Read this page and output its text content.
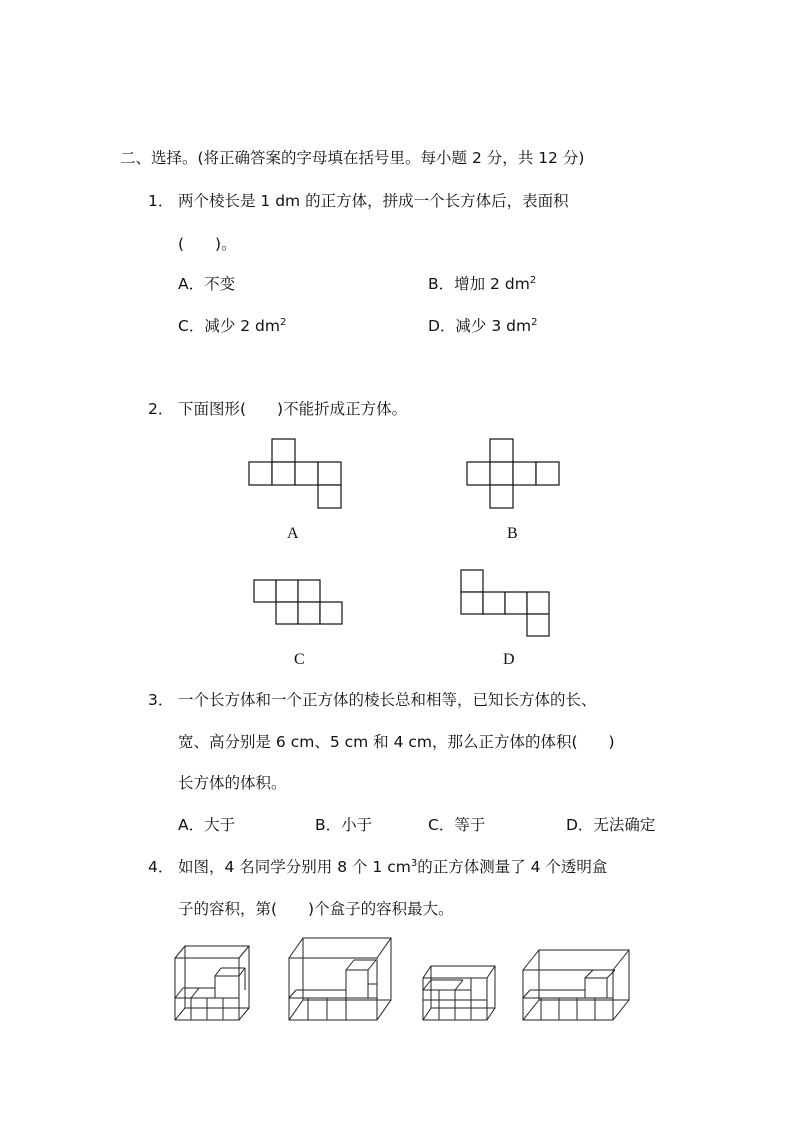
二、选择。(将正确答案的字母填在括号里。每小题 2 分，共 12 分)
1． 两个棱长是 1 dm 的正方体，拼成一个长方体后，表面积
(　　)。
A．不变	B．增加 2 $dm^2$
C．减少 2 $dm^2$	D．减少 3 $dm^2$
2． 下面图形(　　)不能折成正方体。
A	B
C	D
3． 一个长方体和一个正方体的棱长总和相等，已知长方体的长、
宽、高分别是 6 cm、5 cm 和 4 cm，那么正方体的体积(　　)
长方体的体积。
A．大于	B．小于	C．等于	D．无法确定
4． 如图，4 名同学分别用 8 个 1 $cm^3$的正方体测量了 4 个透明盒
子的容积，第(　　)个盒子的容积最大。
